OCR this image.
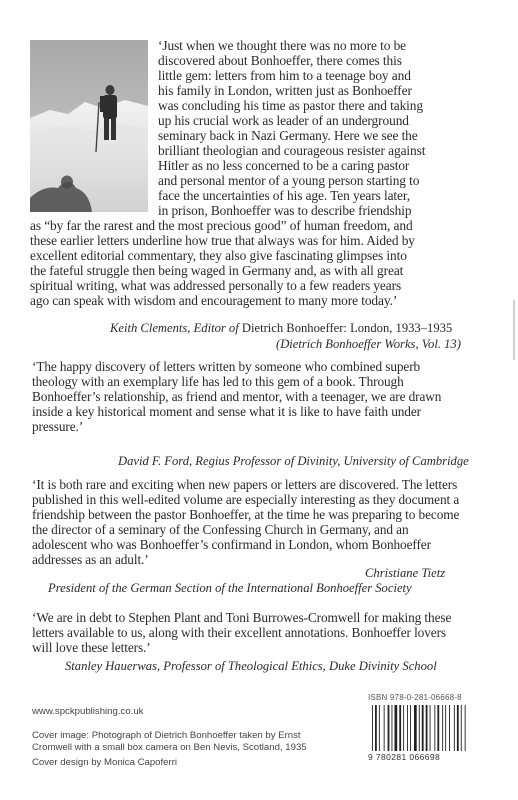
‘Just when we thought there was no more to be
discovered about Bonhoeffer, there comes this
little gem: letters from him to a teenage boy and
his family in London, written just as Bonhoeffer
was concluding his time as pastor there and taking
up his crucial work as leader of an underground
seminary back in Nazi Germany. Here we see the
brilliant theologian and courageous resister against
Hitler as no less concerned to be a caring pastor
and personal mentor of a young person starting to
face the uncertainties of his age. Ten years later,
in prison, Bonhoeffer was to describe friendship
as “by far the rarest and the most precious good” of human freedom, and
these earlier letters underline how true that always was for him. Aided by
excellent editorial commentary, they also give fascinating glimpses into
the fateful struggle then being waged in Germany and, as with all great
spiritual writing, what was addressed personally to a few readers years
ago can speak with wisdom and encouragement to many more today.’
Keith Clements, Editor of Dietrich Bonhoeffer: London, 1933–1935
(Dietrich Bonhoeffer Works, Vol. 13)
‘The happy discovery of letters written by someone who combined superb theology with an exemplary life has led to this gem of a book. Through Bonhoeffer’s relationship, as friend and mentor, with a teenager, we are drawn inside a key historical moment and sense what it is like to have faith under pressure.’
David F. Ford, Regius Professor of Divinity, University of Cambridge
‘It is both rare and exciting when new papers or letters are discovered. The letters published in this well-edited volume are especially interesting as they document a friendship between the pastor Bonhoeffer, at the time he was preparing to become the director of a seminary of the Confessing Church in Germany, and an adolescent who was Bonhoeffer’s confirmand in London, whom Bonhoeffer addresses as an adult.’
Christiane Tietz
President of the German Section of the International Bonhoeffer Society
‘We are in debt to Stephen Plant and Toni Burrowes-Cromwell for making these letters available to us, along with their excellent annotations. Bonhoeffer lovers will love these letters.’
Stanley Hauerwas, Professor of Theological Ethics, Duke Divinity School
www.spckpublishing.co.uk
Cover image: Photograph of Dietrich Bonhoeffer taken by Ernst
Cromwell with a small box camera on Ben Nevis, Scotland, 1935
Cover design by Monica Capoferri
ISBN 978-0-281-06668-8
9 780281 066698
